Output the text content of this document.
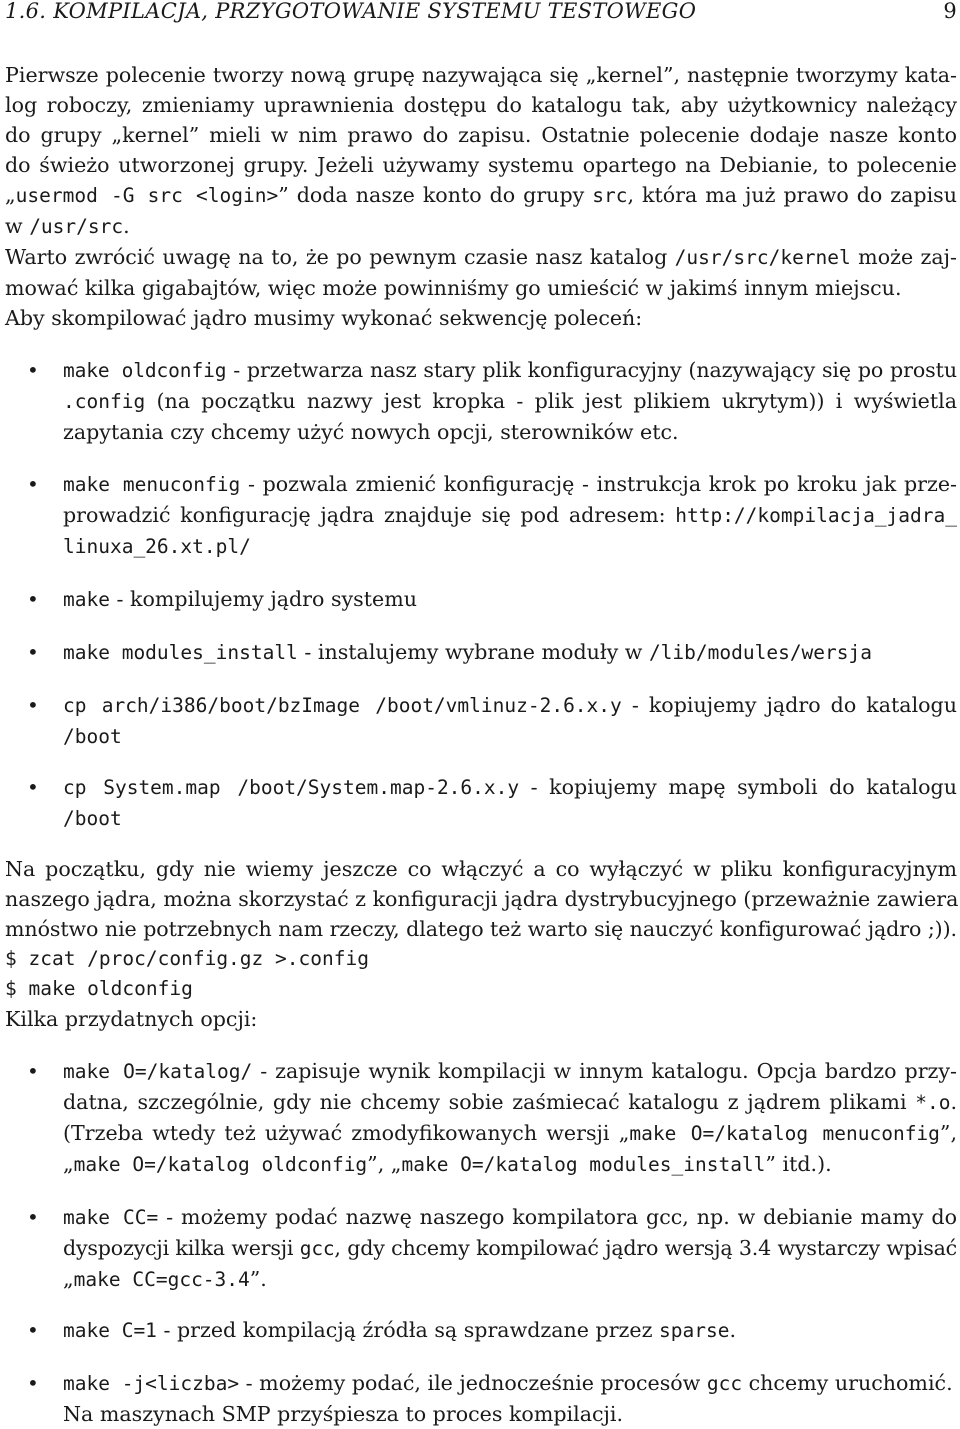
1.6. KOMPILACJA, PRZYGOTOWANIE SYSTEMU TESTOWEGO	9

Pierwsze polecenie tworzy nową grupę nazywająca się „kernel”, następnie tworzymy kata-
log roboczy, zmieniamy uprawnienia dostępu do katalogu tak, aby użytkownicy należący
do grupy „kernel” mieli w nim prawo do zapisu. Ostatnie polecenie dodaje nasze konto
do świeżo utworzonej grupy. Jeżeli używamy systemu opartego na Debianie, to polecenie
„usermod -G src <login>” doda nasze konto do grupy src, która ma już prawo do zapisu
w /usr/src.

Warto zwrócić uwagę na to, że po pewnym czasie nasz katalog /usr/src/kernel może zaj-
mować kilka gigabajtów, więc może powinniśmy go umieścić w jakimś innym miejscu.
Aby skompilować jądro musimy wykonać sekwencję poleceń:

• make oldconfig - przetwarza nasz stary plik konfiguracyjny (nazywający się po prostu
.config (na początku nazwy jest kropka - plik jest plikiem ukrytym)) i wyświetla
zapytania czy chcemy użyć nowych opcji, sterowników etc.
• make menuconfig - pozwala zmienić konfigurację - instrukcja krok po kroku jak prze-
prowadzić konfigurację jądra znajduje się pod adresem: http://kompilacja_jadra_
linuxa_26.xt.pl/
• make - kompilujemy jądro systemu
• make modules_install - instalujemy wybrane moduły w /lib/modules/wersja
• cp arch/i386/boot/bzImage /boot/vmlinuz-2.6.x.y - kopiujemy jądro do katalogu
/boot
• cp System.map /boot/System.map-2.6.x.y - kopiujemy mapę symboli do katalogu
/boot

Na początku, gdy nie wiemy jeszcze co włączyć a co wyłączyć w pliku konfiguracyjnym
naszego jądra, można skorzystać z konfiguracji jądra dystrybucyjnego (przeważnie zawiera
mnóstwo nie potrzebnych nam rzeczy, dlatego też warto się nauczyć konfigurować jądro ;)).
$ zcat /proc/config.gz >.config
$ make oldconfig
Kilka przydatnych opcji:

• make O=/katalog/ - zapisuje wynik kompilacji w innym katalogu. Opcja bardzo przy-
datna, szczególnie, gdy nie chcemy sobie zaśmiecać katalogu z jądrem plikami *.o.
(Trzeba wtedy też używać zmodyfikowanych wersji „make O=/katalog menuconfig”,
„make O=/katalog oldconfig”, „make O=/katalog modules_install” itd.).
• make CC= - możemy podać nazwę naszego kompilatora gcc, np. w debianie mamy do
dyspozycji kilka wersji gcc, gdy chcemy kompilować jądro wersją 3.4 wystarczy wpisać
„make CC=gcc-3.4”.
• make C=1 - przed kompilacją źródła są sprawdzane przez sparse.
• make -j<liczba> - możemy podać, ile jednocześnie procesów gcc chcemy uruchomić.
Na maszynach SMP przyśpiesza to proces kompilacji.
